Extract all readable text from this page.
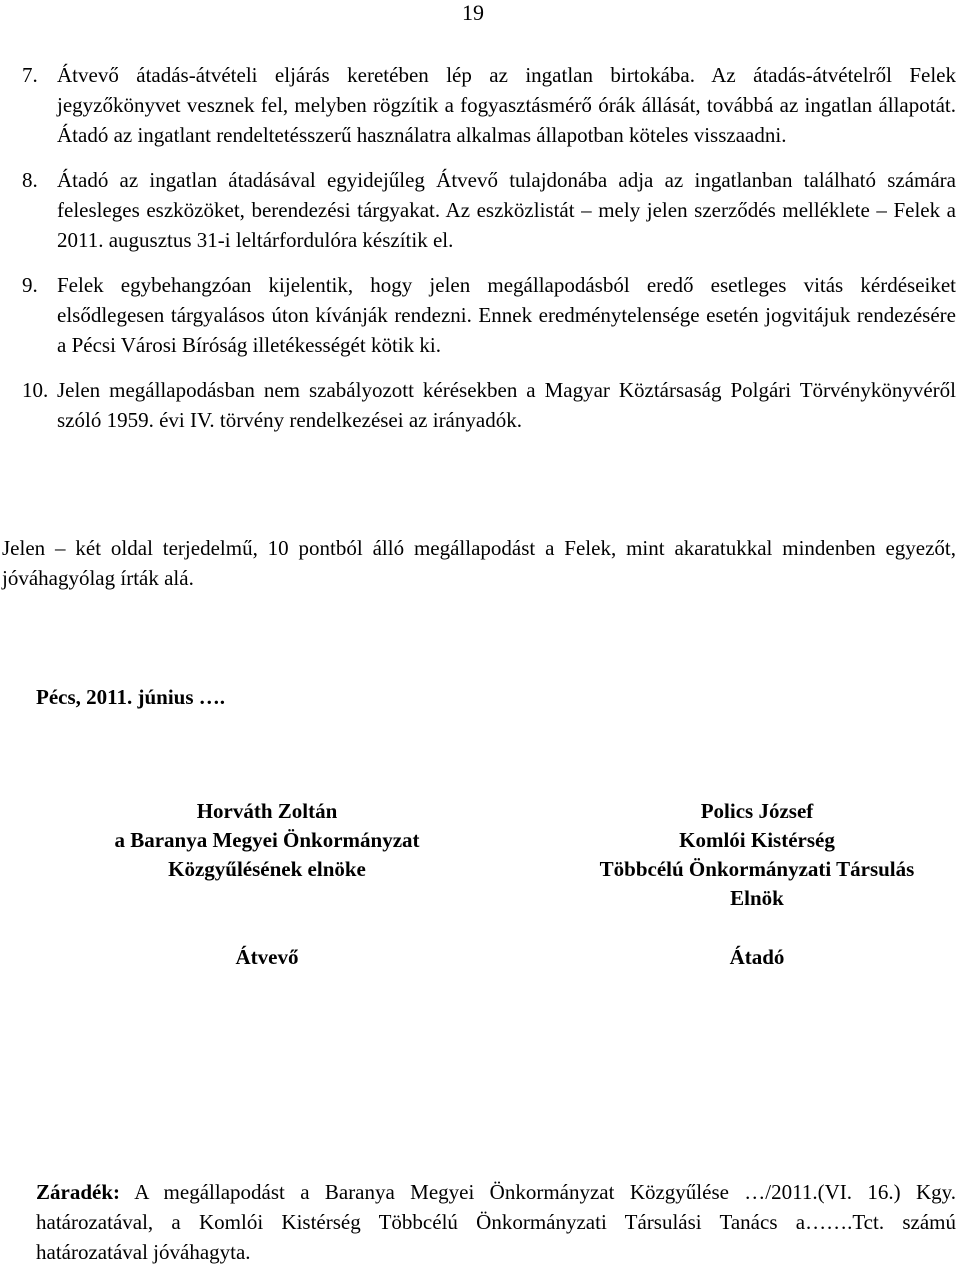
19
7. Átvevő átadás-átvételi eljárás keretében lép az ingatlan birtokába. Az átadás-átvételről Felek jegyzőkönyvet vesznek fel, melyben rögzítik a fogyasztásmérő órák állását, továbbá az ingatlan állapotát. Átadó az ingatlant rendeltetésszerű használatra alkalmas állapotban köteles visszaadni.
8. Átadó az ingatlan átadásával egyidejűleg Átvevő tulajdonába adja az ingatlanban található számára felesleges eszközöket, berendezési tárgyakat. Az eszközlistát – mely jelen szerződés melléklete – Felek a 2011. augusztus 31-i leltárfordulóra készítik el.
9. Felek egybehangzóan kijelentik, hogy jelen megállapodásból eredő esetleges vitás kérdéseiket elsődlegesen tárgyalásos úton kívánják rendezni. Ennek eredménytelensége esetén jogvitájuk rendezésére a Pécsi Városi Bíróság illetékességét kötik ki.
10. Jelen megállapodásban nem szabályozott kérésekben a Magyar Köztársaság Polgári Törvénykönyvéről szóló 1959. évi IV. törvény rendelkezései az irányadók.
Jelen – két oldal terjedelmű, 10 pontból álló megállapodást a Felek, mint akaratukkal mindenben egyezőt, jóváhagyólag írták alá.
Pécs, 2011. június ….
Horváth Zoltán
a Baranya Megyei Önkormányzat
Közgyűlésének elnöke
Átvevő
Polics József
Komlói Kistérség
Többcélú Önkormányzati Társulás
Elnök
Átadó
Záradék: A megállapodást a Baranya Megyei Önkormányzat Közgyűlése …/2011.(VI. 16.) Kgy. határozatával, a Komlói Kistérség Többcélú Önkormányzati Társulási Tanács a…….Tct. számú határozatával jóváhagyta.
